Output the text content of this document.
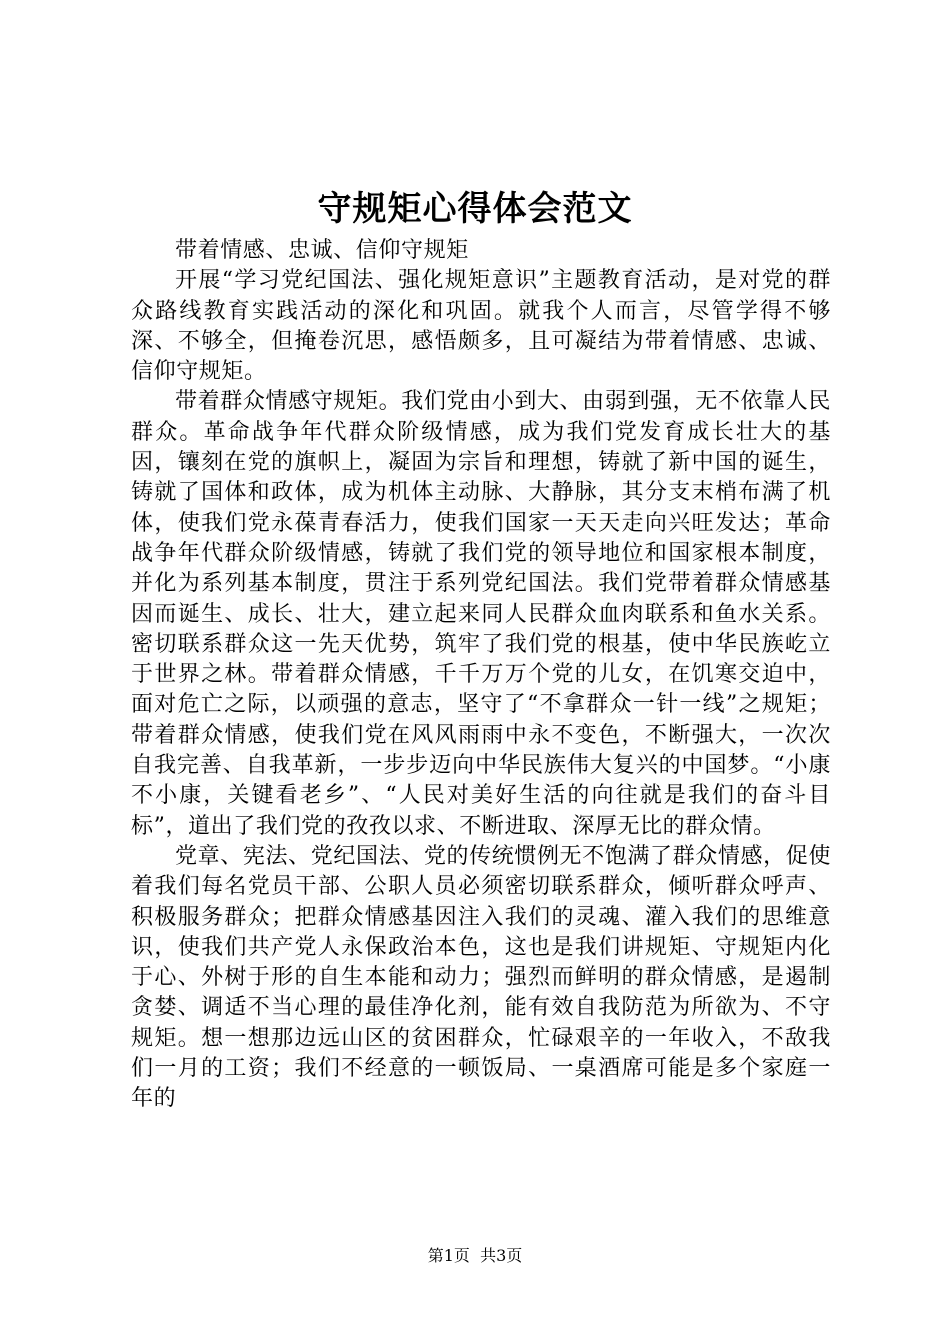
守规矩心得体会范文

带着情感、忠诚、信仰守规矩

开展“学习党纪国法、强化规矩意识”主题教育活动，是对党的群众路线教育实践活动的深化和巩固。就我个人而言，尽管学得不够深、不够全，但掩卷沉思，感悟颇多，且可凝结为带着情感、忠诚、信仰守规矩。

带着群众情感守规矩。我们党由小到大、由弱到强，无不依靠人民群众。革命战争年代群众阶级情感，成为我们党发育成长壮大的基因，镶刻在党的旗帜上，凝固为宗旨和理想，铸就了新中国的诞生，铸就了国体和政体，成为机体主动脉、大静脉，其分支末梢布满了机体，使我们党永葆青春活力，使我们国家一天天走向兴旺发达；革命战争年代群众阶级情感，铸就了我们党的领导地位和国家根本制度，并化为系列基本制度，贯注于系列党纪国法。我们党带着群众情感基因而诞生、成长、壮大，建立起来同人民群众血肉联系和鱼水关系。密切联系群众这一先天优势，筑牢了我们党的根基，使中华民族屹立于世界之林。带着群众情感，千千万万个党的儿女，在饥寒交迫中，面对危亡之际，以顽强的意志，坚守了“不拿群众一针一线”之规矩；带着群众情感，使我们党在风风雨雨中永不变色，不断强大，一次次自我完善、自我革新，一步步迈向中华民族伟大复兴的中国梦。“小康不小康，关键看老乡”、“人民对美好生活的向往就是我们的奋斗目标”，道出了我们党的孜孜以求、不断进取、深厚无比的群众情。

党章、宪法、党纪国法、党的传统惯例无不饱满了群众情感，促使着我们每名党员干部、公职人员必须密切联系群众，倾听群众呼声、积极服务群众；把群众情感基因注入我们的灵魂、灌入我们的思维意识，使我们共产党人永保政治本色，这也是我们讲规矩、守规矩内化于心、外树于形的自生本能和动力；强烈而鲜明的群众情感，是遏制贪婪、调适不当心理的最佳净化剂，能有效自我防范为所欲为、不守规矩。想一想那边远山区的贫困群众，忙碌艰辛的一年收入，不敌我们一月的工资；我们不经意的一顿饭局、一桌酒席可能是多个家庭一年的

第1页  共3页
